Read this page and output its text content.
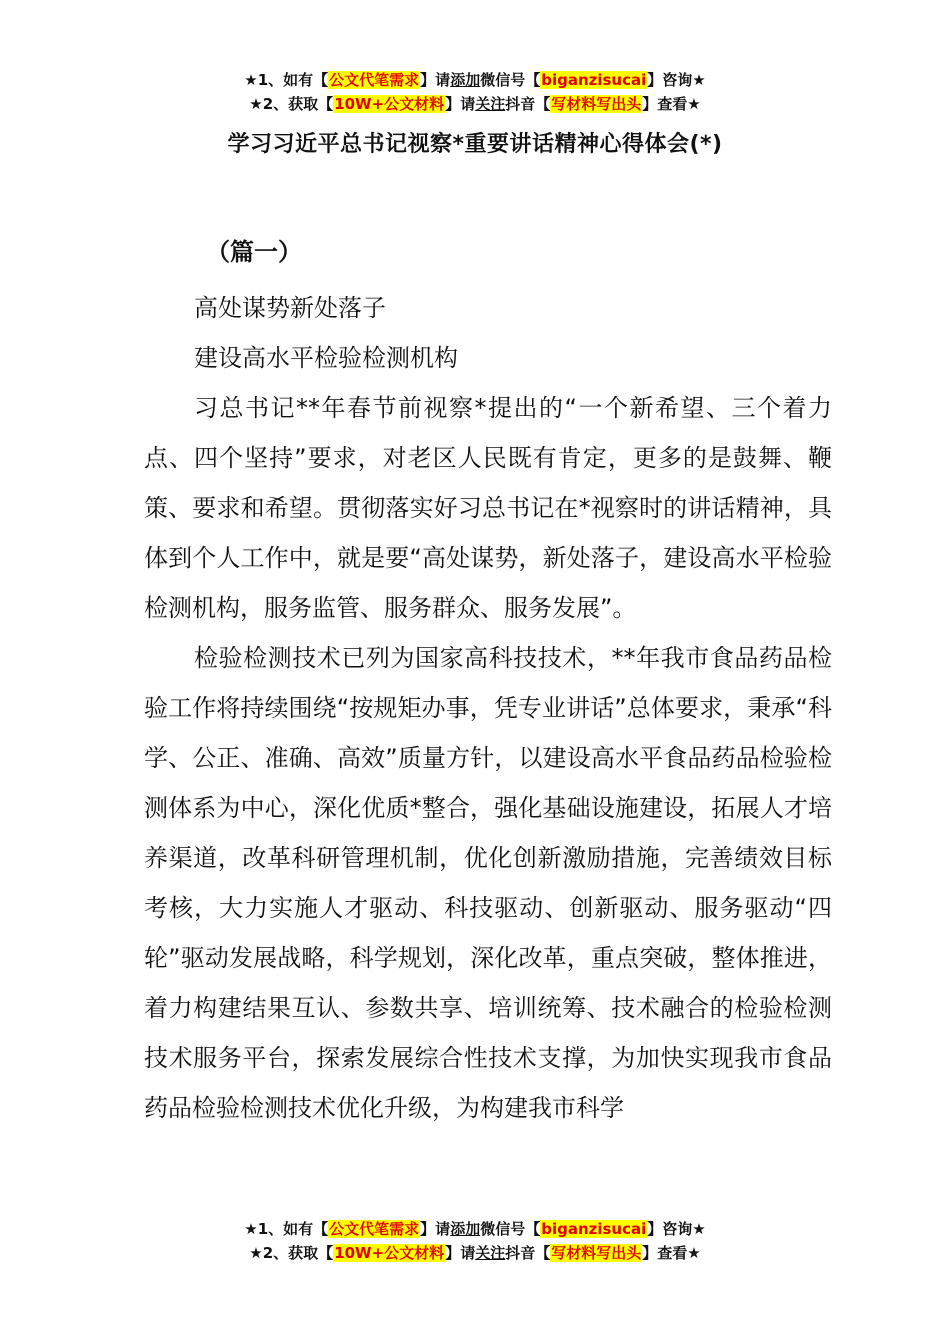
★1、如有【公文代笔需求】请添加微信号【biganzisucai】咨询★
★2、获取【10W+公文材料】请关注抖音【写材料写出头】查看★
学习习近平总书记视察*重要讲话精神心得体会(*)

（篇一）

高处谋势新处落子

建设高水平检验检测机构

习总书记**年春节前视察*提出的“一个新希望、三个着力点、四个坚持”要求，对老区人民既有肯定，更多的是鼓舞、鞭策、要求和希望。贯彻落实好习总书记在*视察时的讲话精神，具体到个人工作中，就是要“高处谋势，新处落子，建设高水平检验检测机构，服务监管、服务群众、服务发展”。

检验检测技术已列为国家高科技技术，**年我市食品药品检验工作将持续围绕“按规矩办事，凭专业讲话”总体要求，秉承“科学、公正、准确、高效”质量方针，以建设高水平食品药品检验检测体系为中心，深化优质*整合，强化基础设施建设，拓展人才培养渠道，改革科研管理机制，优化创新激励措施，完善绩效目标考核，大力实施人才驱动、科技驱动、创新驱动、服务驱动“四轮”驱动发展战略，科学规划，深化改革，重点突破，整体推进，着力构建结果互认、参数共享、培训统筹、技术融合的检验检测技术服务平台，探索发展综合性技术支撑，为加快实现我市食品药品检验检测技术优化升级，为构建我市科学

★1、如有【公文代笔需求】请添加微信号【biganzisucai】咨询★
★2、获取【10W+公文材料】请关注抖音【写材料写出头】查看★
